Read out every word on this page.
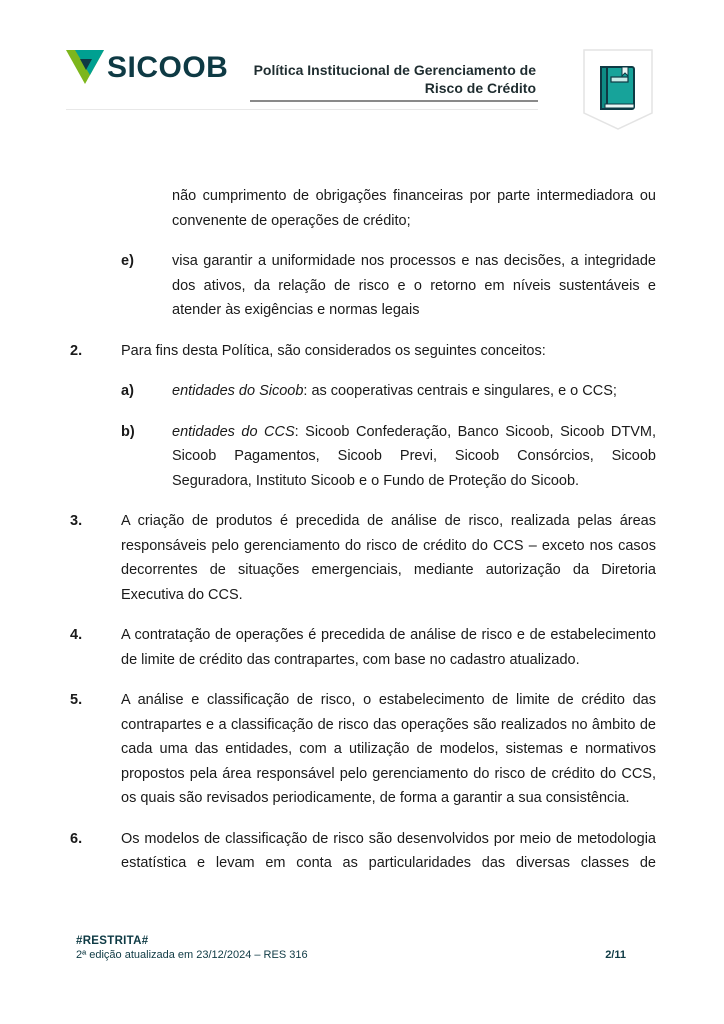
SICOOB Política Institucional de Gerenciamento de
Risco de Crédito
não cumprimento de obrigações financeiras por parte intermediadora ou convenente de operações de crédito;
e)	visa garantir a uniformidade nos processos e nas decisões, a integridade dos ativos, da relação de risco e o retorno em níveis sustentáveis e atender às exigências e normas legais
2.	Para fins desta Política, são considerados os seguintes conceitos:
a)	entidades do Sicoob: as cooperativas centrais e singulares, e o CCS;
b)	entidades do CCS: Sicoob Confederação, Banco Sicoob, Sicoob DTVM, Sicoob Pagamentos, Sicoob Previ, Sicoob Consórcios, Sicoob Seguradora, Instituto Sicoob e o Fundo de Proteção do Sicoob.
3.	A criação de produtos é precedida de análise de risco, realizada pelas áreas responsáveis pelo gerenciamento do risco de crédito do CCS – exceto nos casos decorrentes de situações emergenciais, mediante autorização da Diretoria Executiva do CCS.
4.	A contratação de operações é precedida de análise de risco e de estabelecimento de limite de crédito das contrapartes, com base no cadastro atualizado.
5.	A análise e classificação de risco, o estabelecimento de limite de crédito das contrapartes e a classificação de risco das operações são realizados no âmbito de cada uma das entidades, com a utilização de modelos, sistemas e normativos propostos pela área responsável pelo gerenciamento do risco de crédito do CCS, os quais são revisados periodicamente, de forma a garantir a sua consistência.
6.	Os modelos de classificação de risco são desenvolvidos por meio de metodologia estatística e levam em conta as particularidades das diversas classes de
#RESTRITA#
2ª edição atualizada em 23/12/2024 – RES 316	2/11
